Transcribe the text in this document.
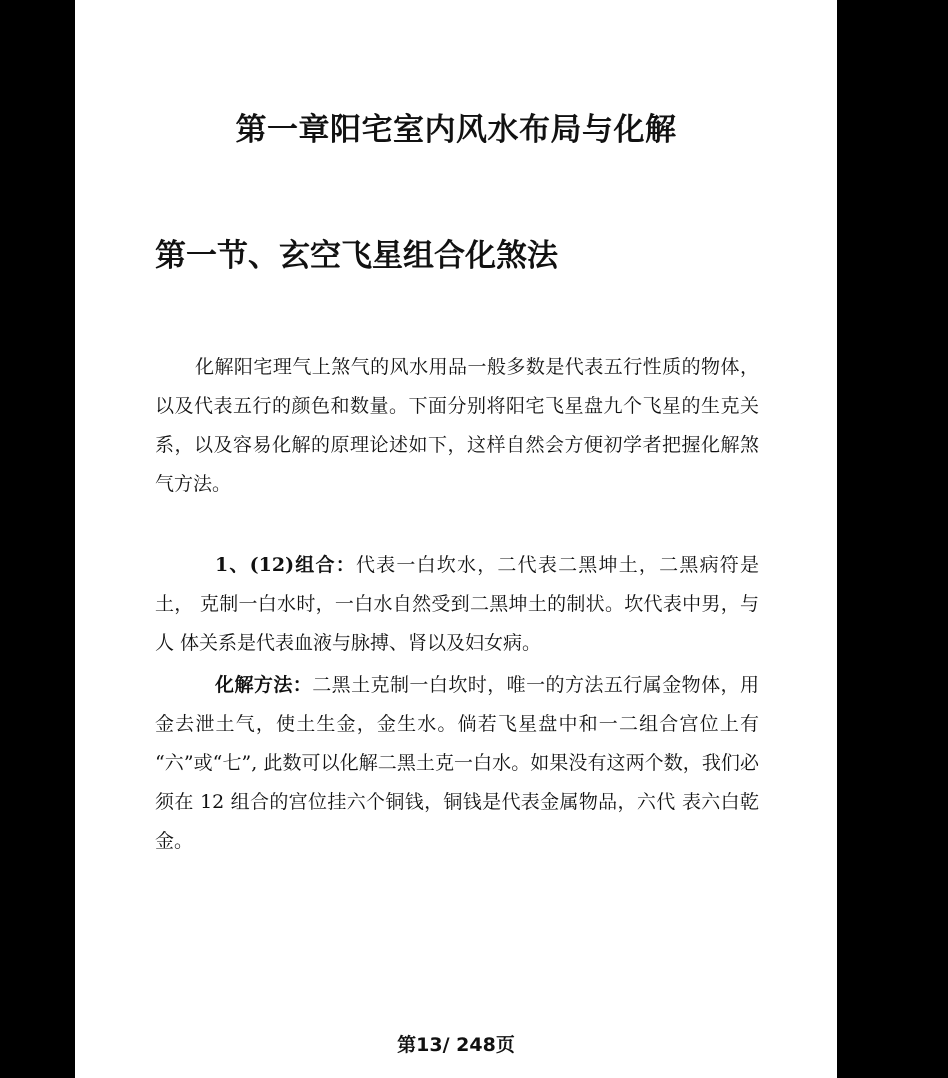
第一章阳宅室内风水布局与化解
第一节、玄空飞星组合化煞法

化解阳宅理气上煞气的风水用品一般多数是代表五行性质的物体，以及代表五行的颜色和数量。下面分别将阳宅飞星盘九个飞星的生克关系，以及容易化解的原理论述如下，这样自然会方便初学者把握化解煞气方法。

1、(12)组合：代表一白坎水，二代表二黑坤土，二黑病符是土， 克制一白水时，一白水自然受到二黑坤土的制状。坎代表中男，与人 体关系是代表血液与脉搏、肾以及妇女病。

化解方法：二黑土克制一白坎时，唯一的方法五行属金物体，用 金去泄土气，使土生金，金生水。倘若飞星盘中和一二组合宫位上有 “六”或“七”, 此数可以化解二黑土克一白水。如果没有这两个数，我们必须在 12 组合的宫位挂六个铜钱，铜钱是代表金属物品，六代 表六白乾金。

第13/ 248页
